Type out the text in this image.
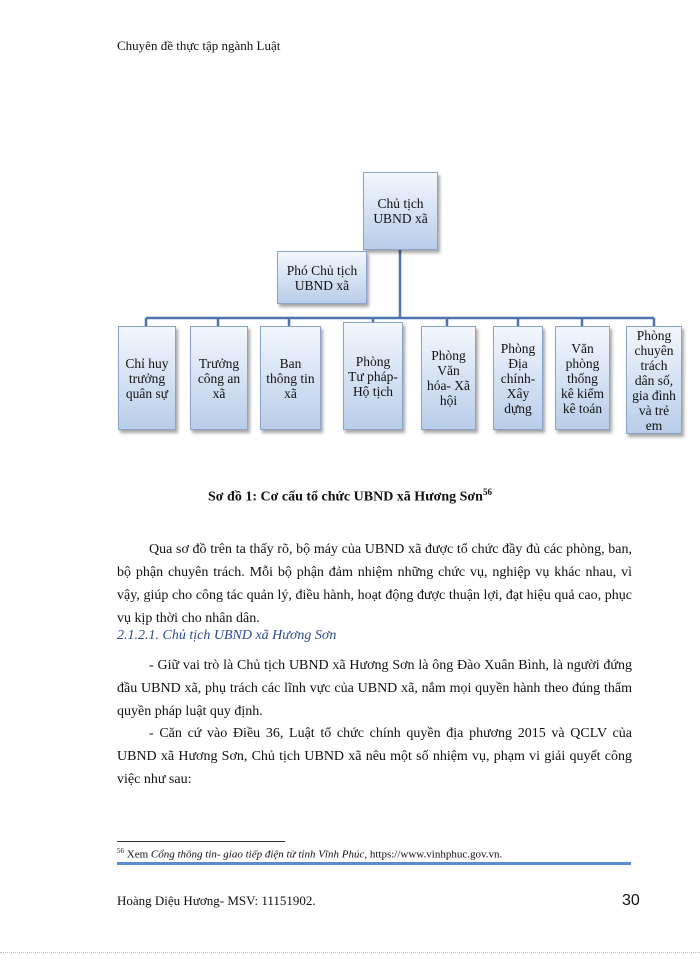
Chuyên đề thực tập ngành Luật
Chủ tịch
UBND xã
Phó Chủ tịch
UBND xã
Chỉ huy
trưởng
quân sự
Trưởng
công an
xã
Ban
thông tin
xã
Phòng
Tư pháp-
Hộ tịch
Phòng
Văn
hóa- Xã
hội
Phòng
Địa
chính-
Xây
dựng
Văn
phòng
thống
kê kiểm
kê toán
Phòng
chuyên
trách
dân số,
gia đình
và trẻ
em
Sơ đồ 1: Cơ cấu tổ chức UBND xã Hương Sơn$^{56}$
Qua sơ đồ trên ta thấy rõ, bộ máy của UBND xã được tổ chức đầy đủ các phòng, ban, bộ phận chuyên trách. Mỗi bộ phận đảm nhiệm những chức vụ, nghiệp vụ khác nhau, vì vậy, giúp cho công tác quản lý, điều hành, hoạt động được thuận lợi, đạt hiệu quả cao, phục vụ kịp thời cho nhân dân.
2.1.2.1. Chủ tịch UBND xã Hương Sơn
- Giữ vai trò là Chủ tịch UBND xã Hương Sơn là ông Đào Xuân Bình, là người đứng đầu UBND xã, phụ trách các lĩnh vực của UBND xã, nắm mọi quyền hành theo đúng thẩm quyền pháp luật quy định.
- Căn cứ vào Điều 36, Luật tổ chức chính quyền địa phương 2015 và QCLV của UBND xã Hương Sơn, Chủ tịch UBND xã nêu một số nhiệm vụ, phạm vi giải quyết công việc như sau:
$^{56}$ Xem Cổng thông tin- giao tiếp điện tử tỉnh Vĩnh Phúc, https://www.vinhphuc.gov.vn.
Hoàng Diệu Hương- MSV: 11151902.	30
